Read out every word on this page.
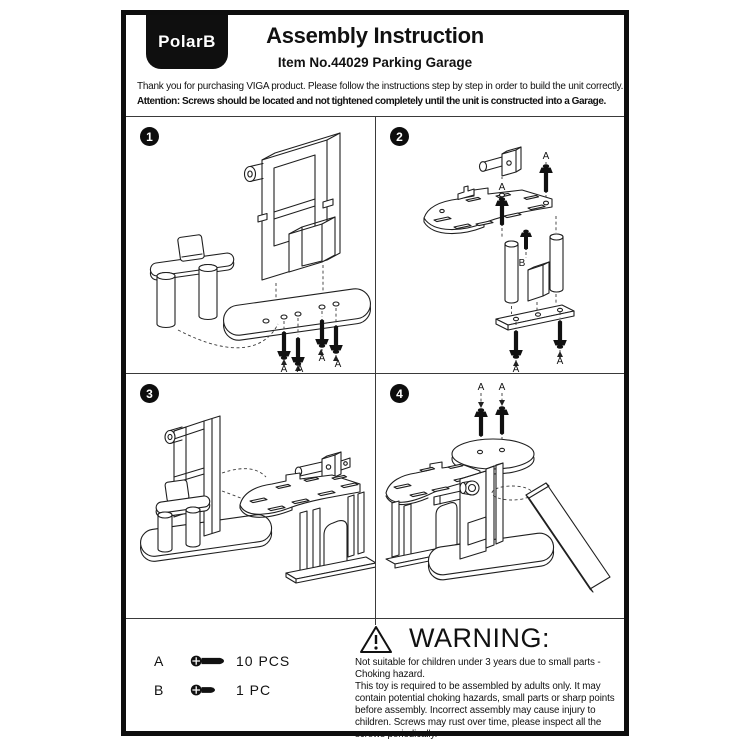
PolarB	Assembly Instruction
Item No.44029 Parking Garage
Thank you for purchasing VIGA product. Please follow the instructions step by step in order to build the unit correctly.
Attention: Screws should be located and not tightened completely until the unit is constructed into a Garage.
1
A A
A
A
2
A
A
B
A
A
3	4	A A
A	10 PCS
B	1 PC
WARNING:

Not suitable for children under 3 years due to small parts - Choking hazard.

This toy is required to be assembled by adults only. It may contain potential choking hazards, small parts or sharp points before assembly. Incorrect assembly may cause injury to children. Screws may rust over time, please inspect all the screws periodically.
